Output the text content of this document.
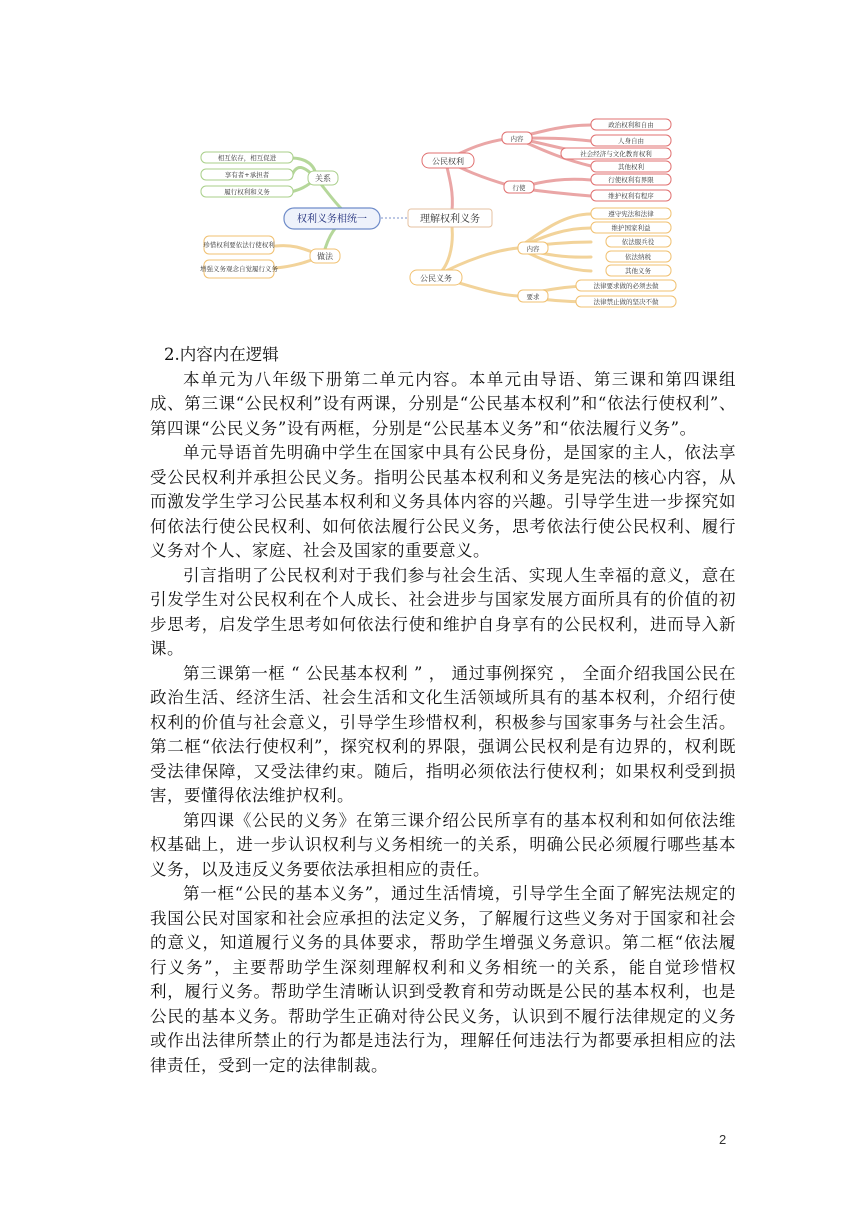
权利义务相统一	理解权利义务
关系
相互依存，相互促进
享有者+承担者
履行权利和义务
做法
珍惜权利要依法行使权利
增强义务观念自觉履行义务
公民权利
内容
行使
政治权利和自由
人身自由
社会经济与文化教育权利
其他权利
行使权利有界限
维护权利有程序
公民义务
内容
要求
遵守宪法和法律
维护国家利益
依法服兵役
依法纳税
其他义务
法律要求做的必须去做
法律禁止做的坚决不做

2.内容内在逻辑

本单元为八年级下册第二单元内容。本单元由导语、第三课和第四课组成、第三课“公民权利”设有两课，分别是“公民基本权利”和“依法行使权利”、第四课“公民义务”设有两框，分别是“公民基本义务”和“依法履行义务”。

单元导语首先明确中学生在国家中具有公民身份，是国家的主人，依法享受公民权利并承担公民义务。指明公民基本权利和义务是宪法的核心内容，从而激发学生学习公民基本权利和义务具体内容的兴趣。引导学生进一步探究如何依法行使公民权利、如何依法履行公民义务，思考依法行使公民权利、履行义务对个人、家庭、社会及国家的重要意义。

引言指明了公民权利对于我们参与社会生活、实现人生幸福的意义，意在引发学生对公民权利在个人成长、社会进步与国家发展方面所具有的价值的初步思考，启发学生思考如何依法行使和维护自身享有的公民权利，进而导入新课。

第三课第一框 “ 公民基本权利 ” ， 通过事例探究 ， 全面介绍我国公民在政治生活、经济生活、社会生活和文化生活领域所具有的基本权利，介绍行使权利的价值与社会意义，引导学生珍惜权利，积极参与国家事务与社会生活。第二框“依法行使权利”，探究权利的界限，强调公民权利是有边界的，权利既受法律保障，又受法律约束。随后，指明必须依法行使权利；如果权利受到损害，要懂得依法维护权利。

第四课《公民的义务》在第三课介绍公民所享有的基本权利和如何依法维权基础上，进一步认识权利与义务相统一的关系，明确公民必须履行哪些基本义务，以及违反义务要依法承担相应的责任。

第一框“公民的基本义务”，通过生活情境，引导学生全面了解宪法规定的我国公民对国家和社会应承担的法定义务，了解履行这些义务对于国家和社会的意义，知道履行义务的具体要求，帮助学生增强义务意识。第二框“依法履行义务”，主要帮助学生深刻理解权利和义务相统一的关系，能自觉珍惜权利，履行义务。帮助学生清晰认识到受教育和劳动既是公民的基本权利，也是公民的基本义务。帮助学生正确对待公民义务，认识到不履行法律规定的义务或作出法律所禁止的行为都是违法行为，理解任何违法行为都要承担相应的法律责任，受到一定的法律制裁。

2
